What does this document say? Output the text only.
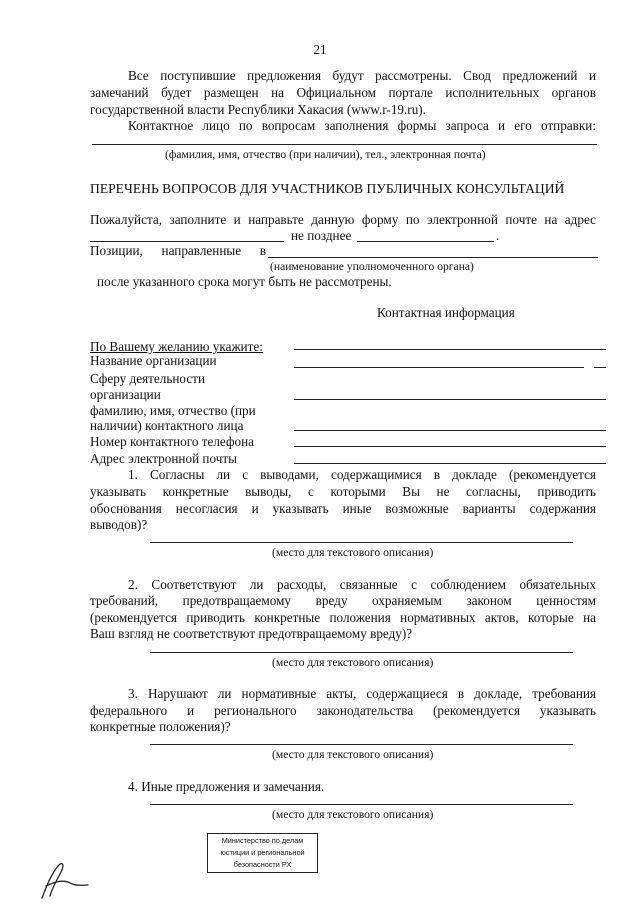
21
Все поступившие предложения будут рассмотрены. Свод предложений и
замечаний будет размещен на Официальном портале исполнительных органов
государственной власти Республики Хакасия (www.r-19.ru).
Контактное лицо по вопросам заполнения формы запроса и его отправки:
(фамилия, имя, отчество (при наличии), тел., электронная почта)
ПЕРЕЧЕНЬ ВОПРОСОВ ДЛЯ УЧАСТНИКОВ ПУБЛИЧНЫХ КОНСУЛЬТАЦИЙ
Пожалуйста, заполните и направьте данную форму по электронной почте на адрес
не позднее	.
Позиции, направленные в
(наименование уполномоченного органа)
после указанного срока могут быть не рассмотрены.
Контактная информация
По Вашему желанию укажите:
Название организации
Сферу деятельности
организации
фамилию, имя, отчество (при
наличии) контактного лица
Номер контактного телефона
Адрес электронной почты
1. Согласны ли с выводами, содержащимися в докладе (рекомендуется
указывать конкретные выводы, с которыми Вы не согласны, приводить
обоснования несогласия и указывать иные возможные варианты содержания
выводов)?
(место для текстового описания)
2. Соответствуют ли расходы, связанные с соблюдением обязательных
требований, предотвращаемому вреду охраняемым законом ценностям
(рекомендуется приводить конкретные положения нормативных актов, которые на
Ваш взгляд не соответствуют предотвращаемому вреду)?
(место для текстового описания)
3. Нарушают ли нормативные акты, содержащиеся в докладе, требования
федерального и регионального законодательства (рекомендуется указывать
конкретные положения)?
(место для текстового описания)
4. Иные предложения и замечания.
(место для текстового описания)
Министерство по делам
юстиции и региональной
безопасности РХ
